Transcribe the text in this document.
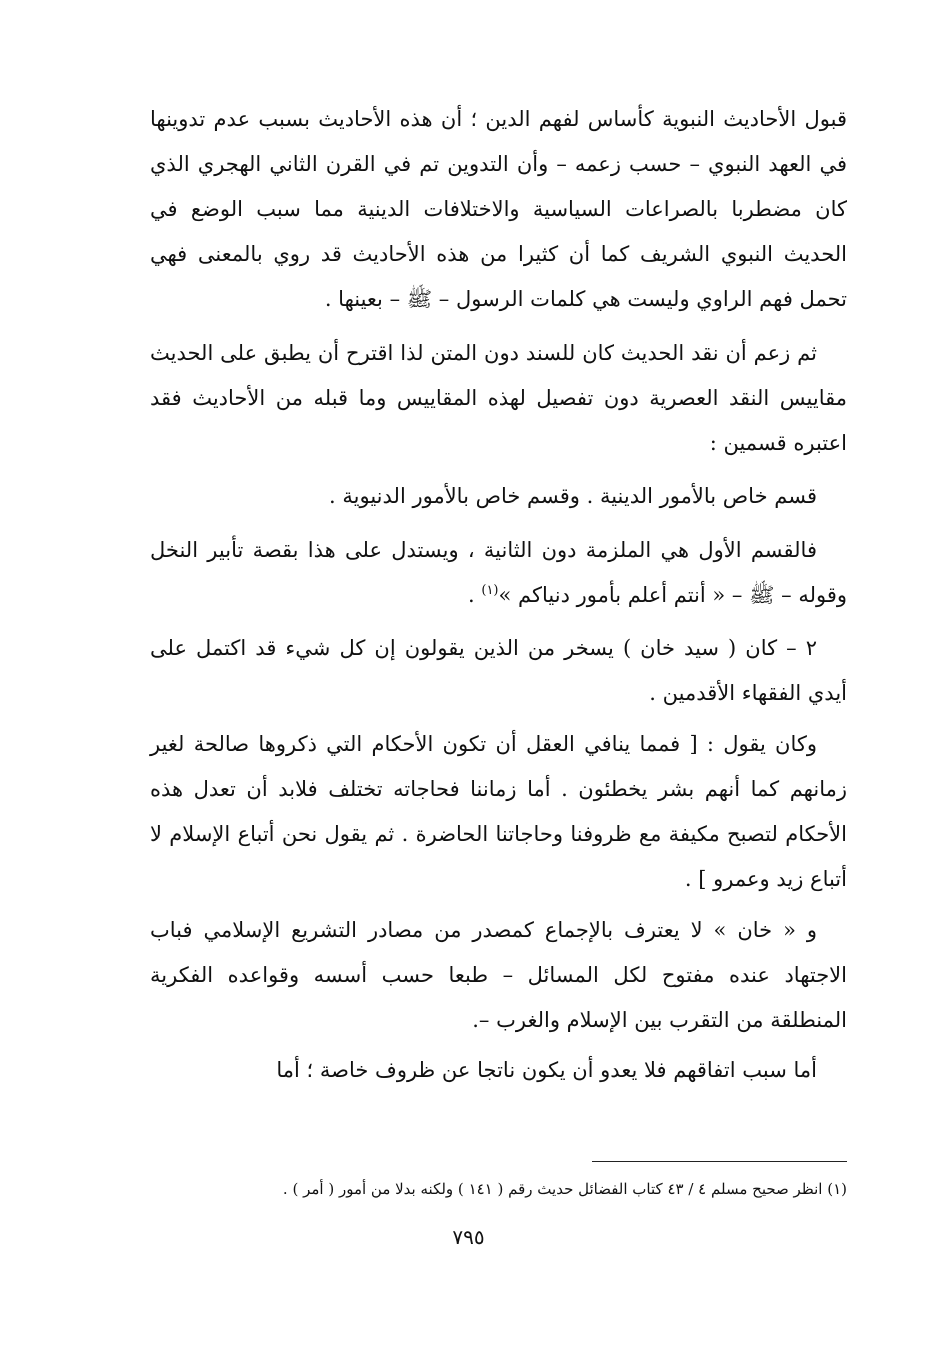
قبول الأحاديث النبوية كأساس لفهم الدين ؛ أن هذه الأحاديث بسبب عدم تدوينها في العهد النبوي – حسب زعمه – وأن التدوين تم في القرن الثاني الهجري الذي كان مضطربا بالصراعات السياسية والاختلافات الدينية مما سبب الوضع في الحديث النبوي الشريف كما أن كثيرا من هذه الأحاديث قد روي بالمعنى فهي تحمل فهم الراوي وليست هي كلمات الرسول – ﷺ – بعينها .

ثم زعم أن نقد الحديث كان للسند دون المتن لذا اقترح أن يطبق على الحديث مقاييس النقد العصرية دون تفصيل لهذه المقاييس وما قبله من الأحاديث فقد اعتبره قسمين :

قسم خاص بالأمور الدينية . وقسم خاص بالأمور الدنيوية .

فالقسم الأول هي الملزمة دون الثانية ، ويستدل على هذا بقصة تأبير النخل وقوله – ﷺ – « أنتم أعلم بأمور دنياكم »$^{(١)}$ .

٢ – كان ( سيد خان ) يسخر من الذين يقولون إن كل شيء قد اكتمل على أيدي الفقهاء الأقدمين .

وكان يقول : [ فمما ينافي العقل أن تكون الأحكام التي ذكروها صالحة لغير زمانهم كما أنهم بشر يخطئون . أما زماننا فحاجاته تختلف فلابد أن تعدل هذه الأحكام لتصبح مكيفة مع ظروفنا وحاجاتنا الحاضرة . ثم يقول نحن أتباع الإسلام لا أتباع زيد وعمرو ] .

و « خان » لا يعترف بالإجماع كمصدر من مصادر التشريع الإسلامي فباب الاجتهاد عنده مفتوح لكل المسائل – طبعا حسب أسسه وقواعده الفكرية المنطلقة من التقرب بين الإسلام والغرب –.

أما سبب اتفاقهم فلا يعدو أن يكون ناتجا عن ظروف خاصة ؛ أما

(١) انظر صحيح مسلم ٤ / ٤٣ كتاب الفضائل حديث رقم ( ١٤١ ) ولكنه بدلا من أمور ( أمر ) .
٧٩٥
